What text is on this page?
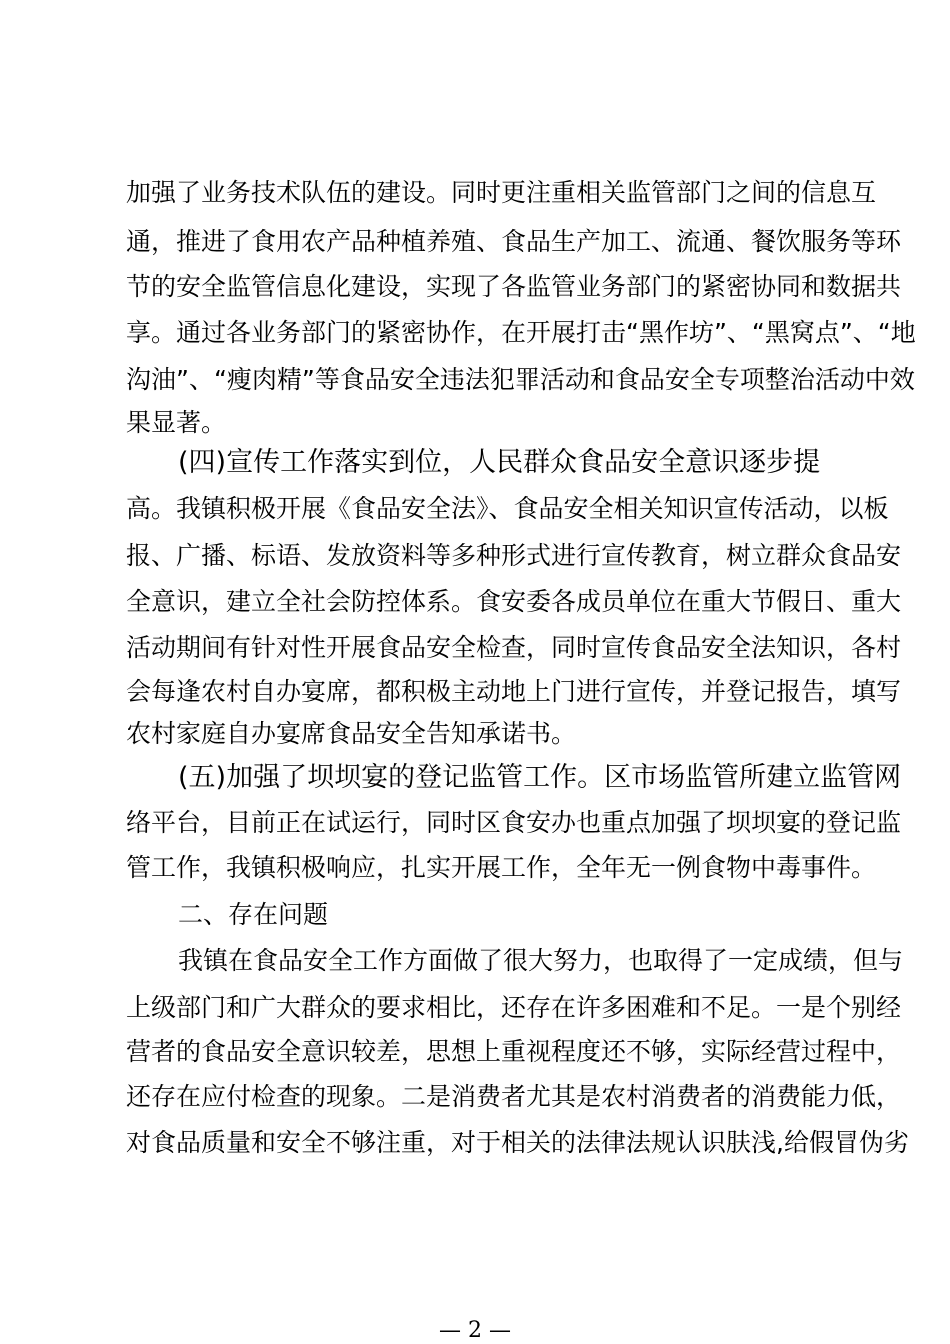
加强了业务技术队伍的建设。同时更注重相关监管部门之间的信息互
通，推进了食用农产品种植养殖、食品生产加工、流通、餐饮服务等环
节的安全监管信息化建设，实现了各监管业务部门的紧密协同和数据共
享。通过各业务部门的紧密协作，在开展打击“黑作坊”、“黑窝点”、“地
沟油”、“瘦肉精”等食品安全违法犯罪活动和食品安全专项整治活动中效
果显著。
(四)宣传工作落实到位，人民群众食品安全意识逐步提
高。我镇积极开展《食品安全法》、食品安全相关知识宣传活动，以板
报、广播、标语、发放资料等多种形式进行宣传教育，树立群众食品安
全意识，建立全社会防控体系。食安委各成员单位在重大节假日、重大
活动期间有针对性开展食品安全检查，同时宣传食品安全法知识，各村
会每逢农村自办宴席，都积极主动地上门进行宣传，并登记报告，填写
农村家庭自办宴席食品安全告知承诺书。
(五)加强了坝坝宴的登记监管工作。区市场监管所建立监管网
络平台，目前正在试运行，同时区食安办也重点加强了坝坝宴的登记监
管工作，我镇积极响应，扎实开展工作，全年无一例食物中毒事件。
二、存在问题
我镇在食品安全工作方面做了很大努力，也取得了一定成绩，但与
上级部门和广大群众的要求相比，还存在许多困难和不足。一是个别经
营者的食品安全意识较差，思想上重视程度还不够，实际经营过程中，
还存在应付检查的现象。二是消费者尤其是农村消费者的消费能力低，
对食品质量和安全不够注重，对于相关的法律法规认识肤浅,给假冒伪劣
— 2 —
